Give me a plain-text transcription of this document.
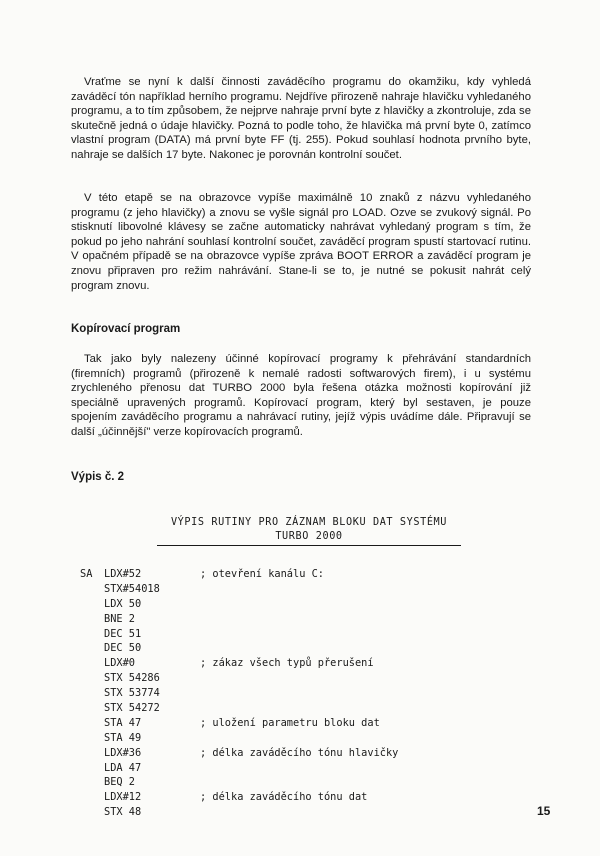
Vraťme se nyní k další činnosti zaváděcího programu do okamžiku, kdy vyhledá zaváděcí tón například herního programu. Nejdříve přirozeně nahraje hlavičku vyhledaného programu, a to tím způsobem, že nejprve nahraje první byte z hlavičky a zkontroluje, zda se skutečně jedná o údaje hlavičky. Pozná to podle toho, že hlavička má první byte 0, zatímco vlastní program (DATA) má první byte FF (tj. 255). Pokud souhlasí hodnota prvního byte, nahraje se dalších 17 byte. Nakonec je porovnán kontrolní součet.
V této etapě se na obrazovce vypíše maximálně 10 znaků z názvu vyhledaného programu (z jeho hlavičky) a znovu se vyšle signál pro LOAD. Ozve se zvukový signál. Po stisknutí libovolné klávesy se začne automaticky nahrávat vyhledaný program s tím, že pokud po jeho nahrání souhlasí kontrolní součet, zaváděcí program spustí startovací rutinu. V opačném případě se na obrazovce vypíše zpráva BOOT ERROR a zaváděcí program je znovu připraven pro režim nahrávání. Stane-li se to, je nutné se pokusit nahrát celý program znovu.
Kopírovací program
Tak jako byly nalezeny účinné kopírovací programy k přehrávání standardních (firemních) programů (přirozeně k nemalé radosti softwarových firem), i u systému zrychleného přenosu dat TURBO 2000 byla řešena otázka možnosti kopírování již speciálně upravených programů. Kopírovací program, který byl sestaven, je pouze spojením zaváděcího programu a nahrávací rutiny, jejíž výpis uvádíme dále. Připravují se další „účinnější" verze kopírovacích programů.
Výpis č. 2
VÝPIS RUTINY PRO ZÁZNAM BLOKU DAT SYSTÉMU
TURBO 2000
SA	LDX#52	; otevření kanálu C:
STX#54018
LDX 50
BNE 2
DEC 51
DEC 50
LDX#0	; zákaz všech typů přerušení
STX 54286
STX 53774
STX 54272
STA 47	; uložení parametru bloku dat
STA 49
LDX#36	; délka zaváděcího tónu hlavičky
LDA 47
BEQ 2
LDX#12	; délka zaváděcího tónu dat
STX 48	15
